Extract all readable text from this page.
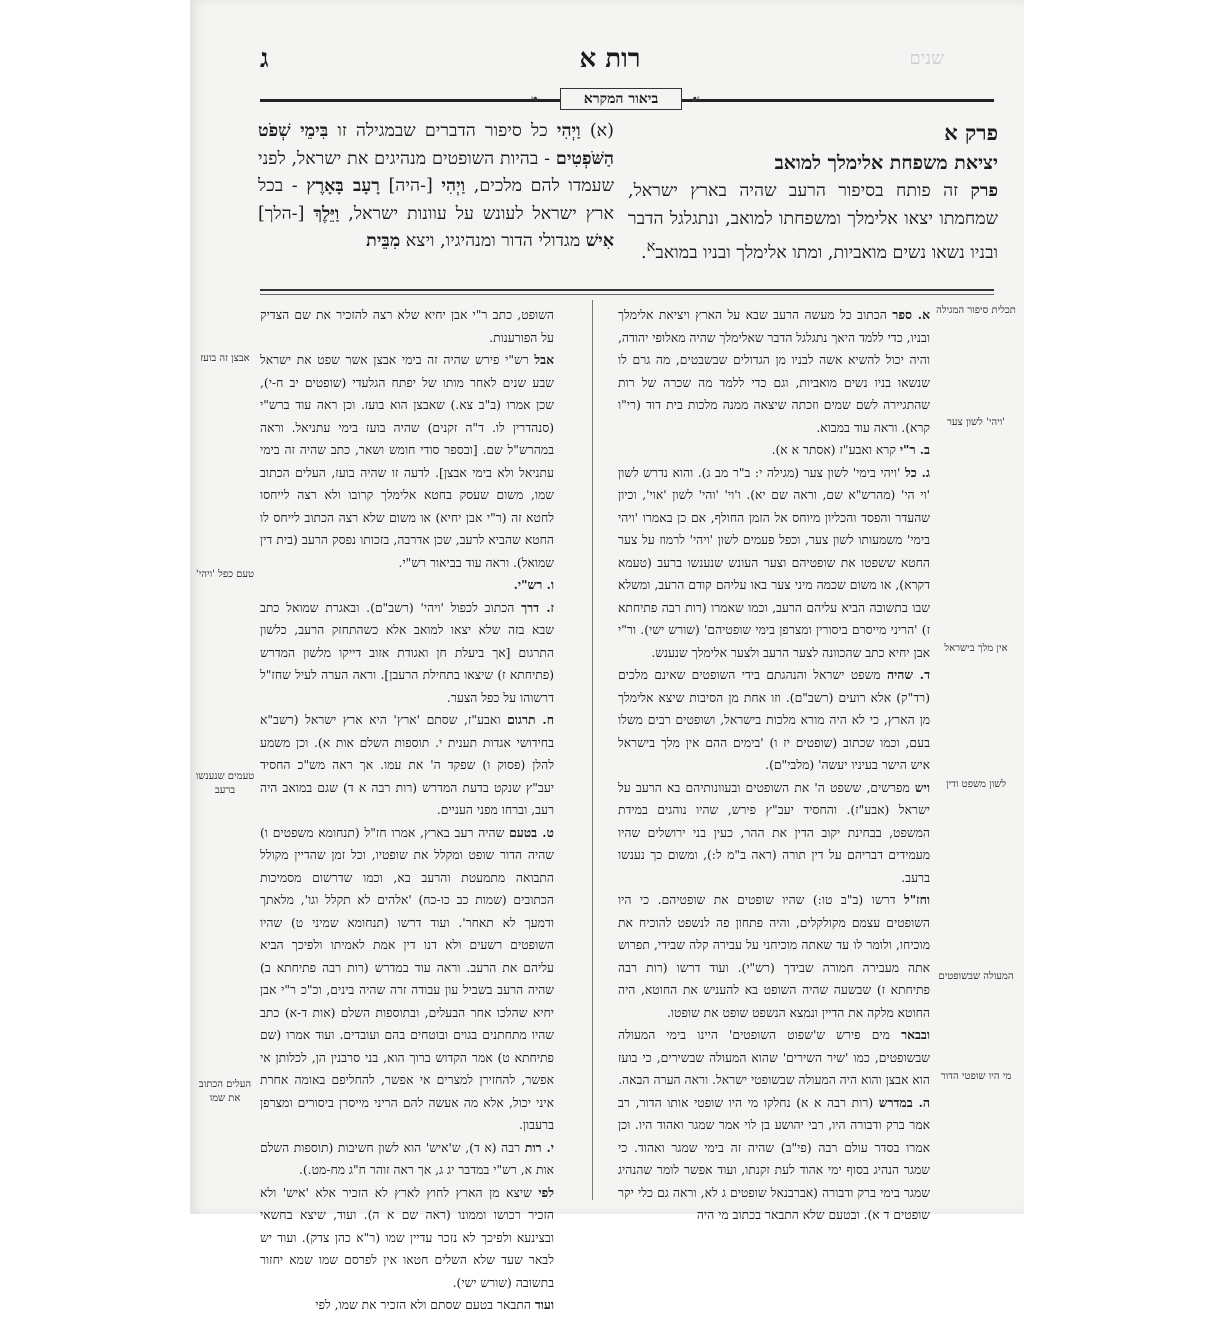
ג	רות א	שנים
❧	ביאור המקרא	☙
פרק א
יציאת משפחת אלימלך למואב
פרק זה פותח בסיפור הרעב שהיה בארץ ישראל, שמחמתו יצאו אלימלך ומשפחתו למואב, ונתגלגל הדבר ובניו נשאו נשים מואביות, ומתו אלימלך ובניו במואב$^א$.
(א) וַיְהִי כל סיפור הדברים שבמגילה זו בִּימֵי שְׁפֹט הַשֹּׁפְטִים - בהיות השופטים מנהיגים את ישראל, לפני שעמדו להם מלכים, וַיְהִי [-היה] רָעָב בָּאָרֶץ - בכל ארץ ישראל לעונש על עוונות ישראל, וַיֵּלֶךְ [-הלך] אִישׁ מגדולי הדור ומנהיגיו, ויצא מִבֵּית

א. ספר הכתוב כל מעשה הרעב שבא על הארץ ויציאת אלימלך ובניו, כדי ללמד היאך נתגלגל הדבר שאלימלך שהיה מאלופי יהודה, והיה יכול להשיא אשה לבניו מן הגדולים שבשבטים, מה גרם לו שנשאו בניו נשים מואביות, וגם כדי ללמד מה שכרה של רות שהתגיירה לשם שמים וזכתה שיצאה ממנה מלכות בית דוד (רי"ו קרא). וראה עוד במבוא.

ב. ר"י קרא ואבע"ז (אסתר א א).

ג. כל 'ויהי בימי' לשון צער (מגילה י: ב"ר מב ג). והוא נדרש לשון 'וי הי' (מהרש"א שם, וראה שם יא). ו'וי' 'והי' לשון 'אוי', וכיון שהעדר והפסד והכליון מיוחס אל הזמן החולף, אם כן באמרו 'ויהי בימי' משמעותו לשון צער, וכפל פעמים לשון 'ויהי' לרמוז על צער החטא ששפטו את שופטיהם וצער העונש שנענשו ברעב (טעמא דקרא), או משום שכמה מיני צער באו עליהם קודם הרעב, ומשלא שבו בתשובה הביא עליהם הרעב, וכמו שאמרו (רות רבה פתיחתא ז) 'הריני מייסרם ביסורין ומצרפן בימי שופטיהם' (שורש ישי). ור"י אבן יחיא כתב שהכוונה לצער הרעב ולצער אלימלך שנענש.

ד. שהיה משפט ישראל והנהגתם בידי השופטים שאינם מלכים (רד"ק) אלא רועים (רשב"ם). וזו אחת מן הסיבות שיצא אלימלך מן הארץ, כי לא היה מורא מלכות בישראל, ושופטים רבים משלו בעם, וכמו שכתוב (שופטים יז ו) 'בימים ההם אין מלך בישראל איש הישר בעיניו יעשה' (מלבי"ם).

ויש מפרשים, ששפט ה' את השופטים ובעוונותיהם בא הרעב על ישראל (אבע"ז). והחסיד יעב"ץ פירש, שהיו נוהגים במידת המשפט, בבחינת יקוב הדין את ההר, כעין בני ירושלים שהיו מעמידים דבריהם על דין תורה (ראה ב"מ ל:), ומשום כך נענשו ברעב.

וחז"ל דרשו (ב"ב טו:) שהיו שופטים את שופטיהם. כי היו השופטים עצמם מקולקלים, והיה פתחון פה לנשפט להוכיח את מוכיחו, ולומר לו עד שאתה מוכיחני על עבירה קלה שבידי, תפרוש אתה מעבירה חמורה שבידך (רש"י). ועוד דרשו (רות רבה פתיחתא ז) שבשעה שהיה השופט בא להעניש את החוטא, היה החוטא מלקה את הדיין ונמצא הנשפט שופט את שופטו.

ובבאר מים פירש ש'שפוט השופטים' היינו בימי המעולה שבשופטים, כמו 'שיר השירים' שהוא המעולה שבשירים, כי בועז הוא אבצן והוא היה המעולה שבשופטי ישראל. וראה הערה הבאה.

ה. במדרש (רות רבה א א) נחלקו מי היו שופטי אותו הדור, רב אמר ברק ודבורה היו, רבי יהושע בן לוי אמר שמגר ואהוד היו. וכן אמרו בסדר עולם רבה (פי"ב) שהיה זה בימי שמגר ואהוד. כי שמגר הנהיג בסוף ימי אהוד לעת זקנתו, ועוד אפשר לומר שהנהיג שמגר בימי ברק ודבורה (אברבנאל שופטים ג לא, וראה גם כלי יקר שופטים ד א). ובטעם שלא התבאר בכתוב מי היה

השופט, כתב ר"י אבן יחיא שלא רצה להזכיר את שם הצדיק על הפורענות.

אבל רש"י פירש שהיה זה בימי אבצן אשר שפט את ישראל שבע שנים לאחר מותו של יפתח הגלעדי (שופטים יב ח-י), שכן אמרו (ב"ב צא.) שאבצן הוא בועז. וכן ראה עוד ברש"י (סנהדרין לו. ד"ה זקנים) שהיה בועז בימי עתניאל. וראה במהרש"ל שם. [ובספר סודי חומש ושאר, כתב שהיה זה בימי עתניאל ולא בימי אבצן]. לדעה זו שהיה בועז, העלים הכתוב שמו, משום שעסק בחטא אלימלך קרובו ולא רצה לייחסו לחטא זה (ר"י אבן יחיא) או משום שלא רצה הכתוב לייחס לו החטא שהביא לרעב, שכן אדרבה, בזכותו נפסק הרעב (בית דין שמואל). וראה עוד בביאור רש"י.

ו. רש"י.

ז. דרך הכתוב לכפול 'ויהי' (רשב"ם). ובאגרת שמואל כתב שבא בזה שלא יצאו למואב אלא כשהתחזק הרעב, כלשון התרגום [אך ביעלת חן ואגודת אזוב דייקו מלשון המדרש (פתיחתא ז) שיצאו בתחילת הרעבן]. וראה הערה לעיל שחז"ל דרשוהו על כפל הצער.

ח. תרגום ואבע"ז, שסתם 'ארץ' היא ארץ ישראל (רשב"א בחידושי אגדות תענית י. תוספות השלם אות א). וכן משמע להלן (פסוק ו) שפקד ה' את עמו. אך ראה מש"כ החסיד יעב"ץ שנקט בדעת המדרש (רות רבה א ד) שגם במואב היה רעב, וברחו מפני העניים.

ט. בטעם שהיה רעב בארץ, אמרו חז"ל (תנחומא משפטים ו) שהיה הדור שופט ומקלל את שופטיו, וכל זמן שהדיין מקולל התבואה מתמעטת והרעב בא, וכמו שדרשום מסמיכות הכתובים (שמות כב כו-כח) 'אלהים לא תקלל וגו', מלאתך ודמעך לא תאחר'. ועוד דרשו (תנחומא שמיני ט) שהיו השופטים רשעים ולא דנו דין אמת לאמיתו ולפיכך הביא עליהם את הרעב. וראה עוד במדרש (רות רבה פתיחתא ב) שהיה הרעב בשביל עון עבודה זרה שהיה בינים, וכ"כ ר"י אבן יחיא שהלכו אחר הבעלים, ובתוספות השלם (אות ד-א) כתב שהיו מתחתנים בגוים ובוטחים בהם ועובדים. ועוד אמרו (שם פתיחתא ט) אמר הקדוש ברוך הוא, בני סרבנין הן, לכלותן אי אפשר, להחזירן למצרים אי אפשר, להחליפם באומה אחרת איני יכול, אלא מה אעשה להם הריני מייסרן ביסורים ומצרפן ברעבון.

י. רות רבה (א ד), ש'איש' הוא לשון חשיבות (תוספות השלם אות א, רש"י במדבר יג ג, אך ראה זוהר ח"ג מח-מט.).

לפי שיצא מן הארץ לחוץ לארץ לא הזכיר אלא 'איש' ולא הזכיר רכושו וממונו (ראה שם א ה). ועוד, שיצא בחשאי ובצינעא ולפיכך לא נזכר עדיין שמו (ר"א כהן צדק). ועוד יש לבאר שעד שלא השלים חטאו אין לפרסם שמו שמא יחזור בתשובה (שורש ישי).

ועוד התבאר בטעם שסתם ולא הזכיר את שמו, לפי

תכלית סיפור המגילה
'ויהי' לשון צער
אין מלך בישראל
לשון משפט ודין
המעולה שבשופטים
מי היו שופטי הדור
אבצן זה בועז
טעם כפל 'ויהי'
טעמים שנענשו ברעב
העלים הכתוב את שמו
